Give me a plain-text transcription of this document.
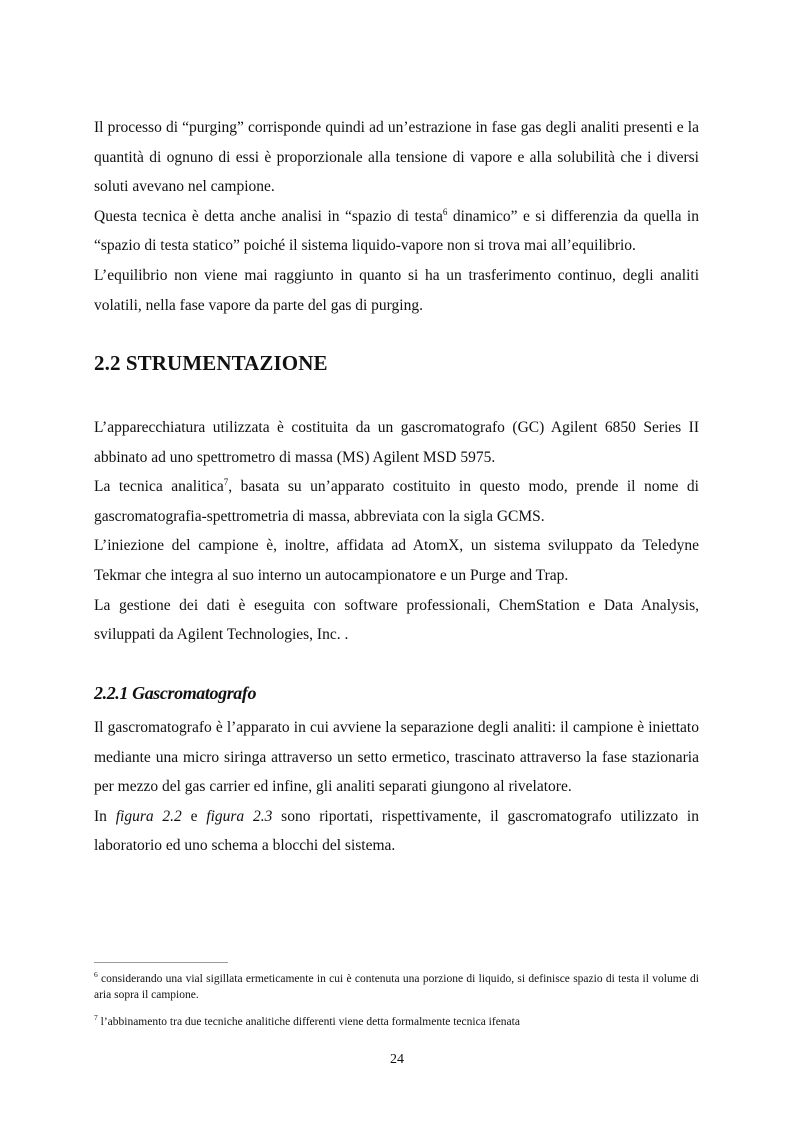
Il processo di “purging” corrisponde quindi ad un’estrazione in fase gas degli analiti presenti e la quantità di ognuno di essi è proporzionale alla tensione di vapore e alla solubilità che i diversi soluti avevano nel campione.

Questa tecnica è detta anche analisi in “spazio di testa$^6$ dinamico” e si differenzia da quella in “spazio di testa statico” poiché il sistema liquido-vapore non si trova mai all’equilibrio.

L’equilibrio non viene mai raggiunto in quanto si ha un trasferimento continuo, degli analiti volatili, nella fase vapore da parte del gas di purging.

2.2 STRUMENTAZIONE

L’apparecchiatura utilizzata è costituita da un gascromatografo (GC) Agilent 6850 Series II abbinato ad uno spettrometro di massa (MS) Agilent MSD 5975.

La tecnica analitica$^7$, basata su un’apparato costituito in questo modo, prende il nome di gascromatografia-spettrometria di massa, abbreviata con la sigla GCMS.

L’iniezione del campione è, inoltre, affidata ad AtomX, un sistema sviluppato da Teledyne Tekmar che integra al suo interno un autocampionatore e un Purge and Trap.

La gestione dei dati è eseguita con software professionali, ChemStation e Data Analysis, sviluppati da Agilent Technologies, Inc. .

2.2.1 Gascromatografo

Il gascromatografo è l’apparato in cui avviene la separazione degli analiti: il campione è iniettato mediante una micro siringa attraverso un setto ermetico, trascinato attraverso la fase stazionaria per mezzo del gas carrier ed infine, gli analiti separati giungono al rivelatore.

In figura 2.2 e figura 2.3 sono riportati, rispettivamente, il gascromatografo utilizzato in laboratorio ed uno schema a blocchi del sistema.

$^6$ considerando una vial sigillata ermeticamente in cui è contenuta una porzione di liquido, si definisce spazio di testa il volume di aria sopra il campione.

$^7$ l’abbinamento tra due tecniche analitiche differenti viene detta formalmente tecnica ifenata

24
